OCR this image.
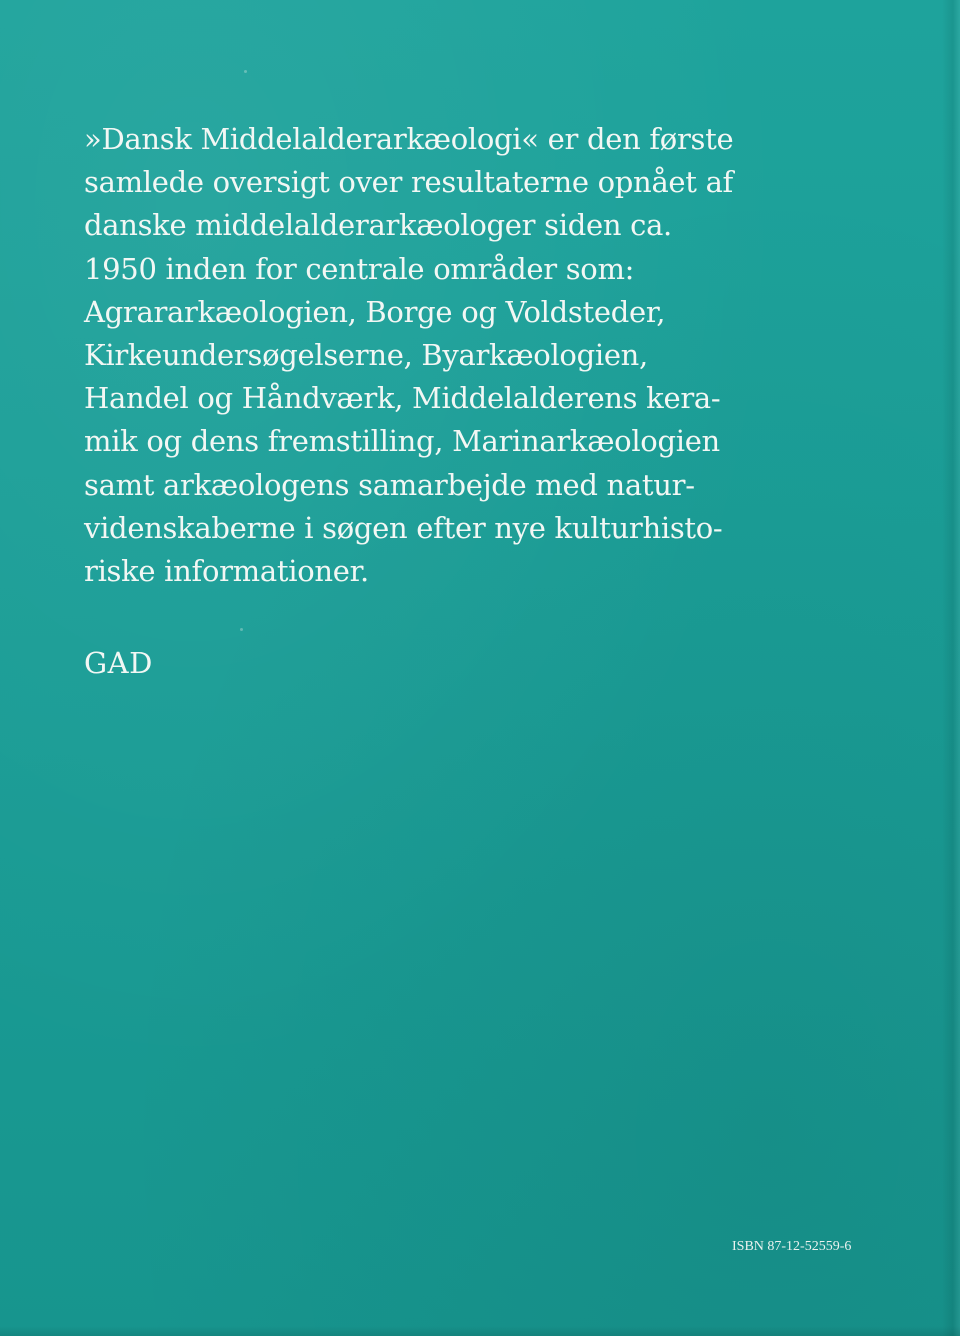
»Dansk Middelalderarkæologi« er den første
samlede oversigt over resultaterne opnået af
danske middelalderarkæologer siden ca.
1950 inden for centrale områder som:
Agrararkæologien, Borge og Voldsteder,
Kirkeundersøgelserne, Byarkæologien,
Handel og Håndværk, Middelalderens kera-
mik og dens fremstilling, Marinarkæologien
samt arkæologens samarbejde med natur-
videnskaberne i søgen efter nye kulturhisto-
riske informationer.

GAD

ISBN 87-12-52559-6
